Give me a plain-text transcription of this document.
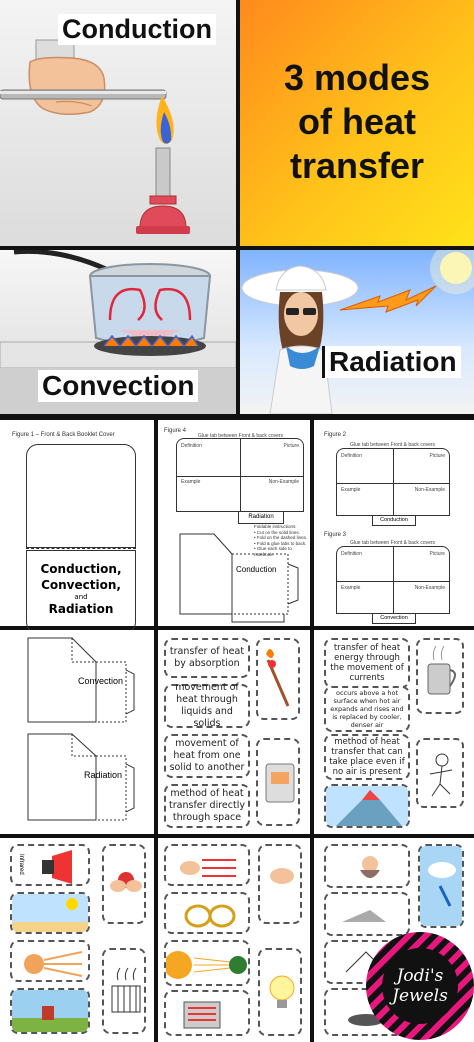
Conduction
3 modes
of heat
transfer
Convection
Radiation
Figure 1 – Front & Back Booklet Cover
Conduction,
Convection,
and
Radiation
Figure 4
Glue tab between Front & back covers
Definition	Picture
Example	Non-Example
Radiation
Foldable instructions:
• Cut on the solid lines.
• Fold on the dashed lines.
• Fold & glue tabs to back.
• Glue each side to notebook.
Conduction
Figure 2
Glue tab between Front & back covers
Definition	Picture
Example	Non-Example
Conduction
Figure 3
Glue tab between Front & back covers
Definition	Picture
Example	Non-Example
Convection
Convection
Radiation
transfer of heat by absorption
movement of heat through liquids and solids
movement of heat from one solid to another
method of heat transfer directly through space
transfer of heat energy through the movement of currents
occurs above a hot surface when hot air expands and rises and is replaced by cooler, denser air
method of heat transfer that can take place even if no air is present
Infrared
Jodi's
Jewels
